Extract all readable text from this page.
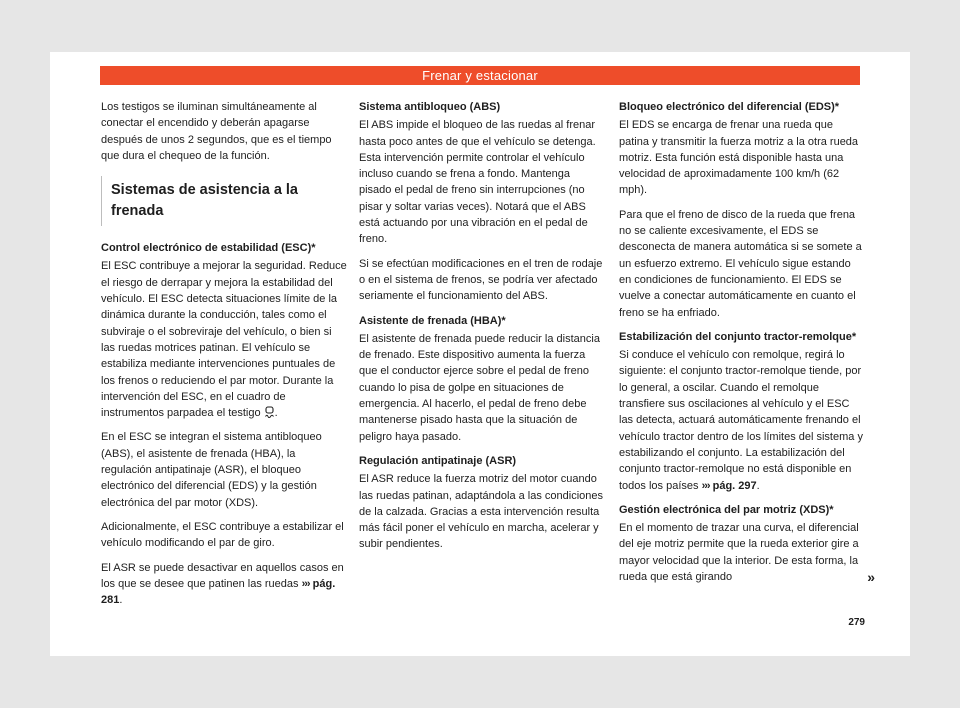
Frenar y estacionar

Los testigos se iluminan simultáneamente al conectar el encendido y deberán apagarse después de unos 2 segundos, que es el tiempo que dura el chequeo de la función.

Sistemas de asistencia a la frenada
Control electrónico de estabilidad (ESC)*

El ESC contribuye a mejorar la seguridad. Reduce el riesgo de derrapar y mejora la estabilidad del vehículo. El ESC detecta situaciones límite de la dinámica durante la conducción, tales como el subviraje o el sobreviraje del vehículo, o bien si las ruedas motrices patinan. El vehículo se estabiliza mediante intervenciones puntuales de los frenos o reduciendo el par motor. Durante la intervención del ESC, en el cuadro de instrumentos parpadea el testigo .

En el ESC se integran el sistema antibloqueo (ABS), el asistente de frenada (HBA), la regulación antipatinaje (ASR), el bloqueo electrónico del diferencial (EDS) y la gestión electrónica del par motor (XDS).

Adicionalmente, el ESC contribuye a estabilizar el vehículo modificando el par de giro.

El ASR se puede desactivar en aquellos casos en los que se desee que patinen las ruedas ››› pág. 281.

Sistema antibloqueo (ABS)

El ABS impide el bloqueo de las ruedas al frenar hasta poco antes de que el vehículo se detenga. Esta intervención permite controlar el vehículo incluso cuando se frena a fondo. Mantenga pisado el pedal de freno sin interrupciones (no pisar y soltar varias veces). Notará que el ABS está actuando por una vibración en el pedal de freno.

Si se efectúan modificaciones en el tren de rodaje o en el sistema de frenos, se podría ver afectado seriamente el funcionamiento del ABS.

Asistente de frenada (HBA)*

El asistente de frenada puede reducir la distancia de frenado. Este dispositivo aumenta la fuerza que el conductor ejerce sobre el pedal de freno cuando lo pisa de golpe en situaciones de emergencia. Al hacerlo, el pedal de freno debe mantenerse pisado hasta que la situación de peligro haya pasado.

Regulación antipatinaje (ASR)

El ASR reduce la fuerza motriz del motor cuando las ruedas patinan, adaptándola a las condiciones de la calzada. Gracias a esta intervención resulta más fácil poner el vehículo en marcha, acelerar y subir pendientes.

Bloqueo electrónico del diferencial (EDS)*

El EDS se encarga de frenar una rueda que patina y transmitir la fuerza motriz a la otra rueda motriz. Esta función está disponible hasta una velocidad de aproximadamente 100 km/h (62 mph).

Para que el freno de disco de la rueda que frena no se caliente excesivamente, el EDS se desconecta de manera automática si se somete a un esfuerzo extremo. El vehículo sigue estando en condiciones de funcionamiento. El EDS se vuelve a conectar automáticamente en cuanto el freno se ha enfriado.

Estabilización del conjunto tractor-remolque*

Si conduce el vehículo con remolque, regirá lo siguiente: el conjunto tractor-remolque tiende, por lo general, a oscilar. Cuando el remolque transfiere sus oscilaciones al vehículo y el ESC las detecta, actuará automáticamente frenando el vehículo tractor dentro de los límites del sistema y estabilizando el conjunto. La estabilización del conjunto tractor-remolque no está disponible en todos los países ››› pág. 297.

Gestión electrónica del par motriz (XDS)*

En el momento de trazar una curva, el diferencial del eje motriz permite que la rueda exterior gire a mayor velocidad que la interior. De esta forma, la rueda que está girando	»

279
